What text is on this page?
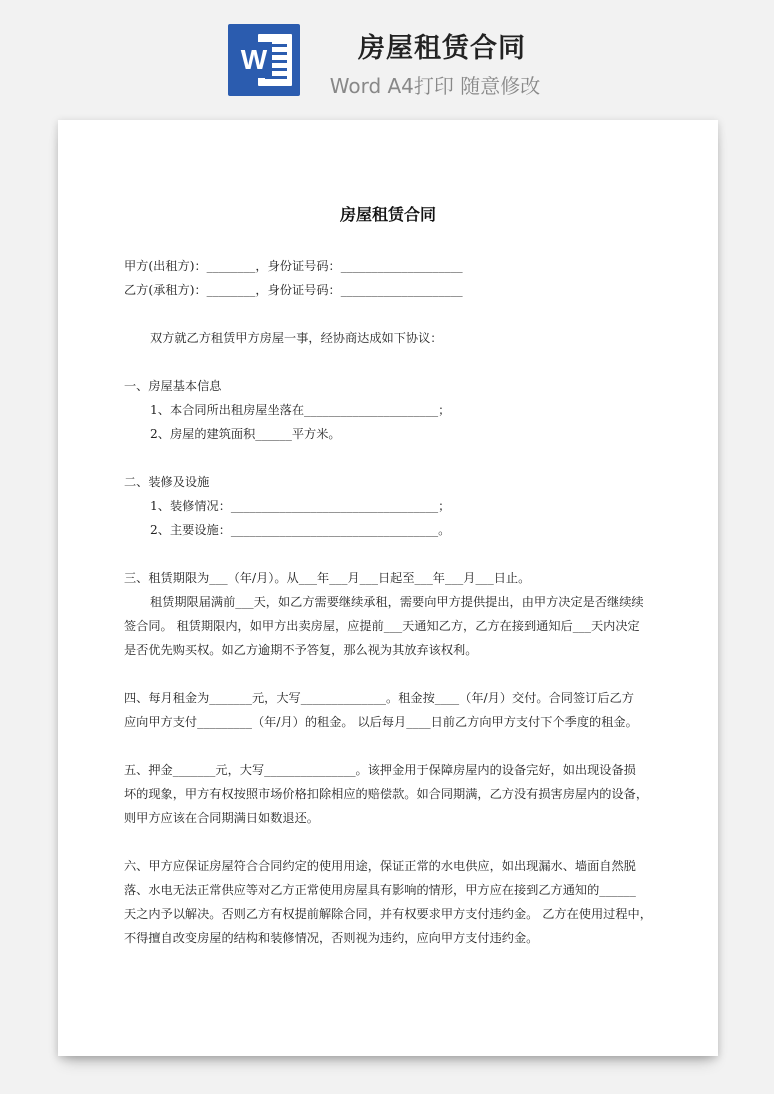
W	房屋租赁合同
Word A4打印 随意修改
房屋租赁合同
甲方(出租方)：________，身份证号码：____________________
乙方(承租方)：________，身份证号码：____________________
双方就乙方租赁甲方房屋一事，经协商达成如下协议：
一、房屋基本信息
1、本合同所出租房屋坐落在______________________；
2、房屋的建筑面积______平方米。
二、装修及设施
1、装修情况：__________________________________；
2、主要设施：__________________________________。
三、租赁期限为___（年/月）。从___年___月___日起至___年___月___日止。
租赁期限届满前___天，如乙方需要继续承租，需要向甲方提供提出，由甲方决定是否继续续
签合同。 租赁期限内，如甲方出卖房屋，应提前___天通知乙方，乙方在接到通知后___天内决定
是否优先购买权。如乙方逾期不予答复，那么视为其放弃该权利。
四、每月租金为_______元，大写______________。租金按____（年/月）交付。合同签订后乙方
应向甲方支付_________（年/月）的租金。 以后每月____日前乙方向甲方支付下个季度的租金。
五、押金_______元，大写_______________。该押金用于保障房屋内的设备完好，如出现设备损
坏的现象，甲方有权按照市场价格扣除相应的赔偿款。如合同期满，乙方没有损害房屋内的设备，
则甲方应该在合同期满日如数退还。
六、甲方应保证房屋符合合同约定的使用用途，保证正常的水电供应，如出现漏水、墙面自然脱
落、水电无法正常供应等对乙方正常使用房屋具有影响的情形，甲方应在接到乙方通知的______
天之内予以解决。否则乙方有权提前解除合同，并有权要求甲方支付违约金。 乙方在使用过程中，
不得擅自改变房屋的结构和装修情况，否则视为违约，应向甲方支付违约金。
